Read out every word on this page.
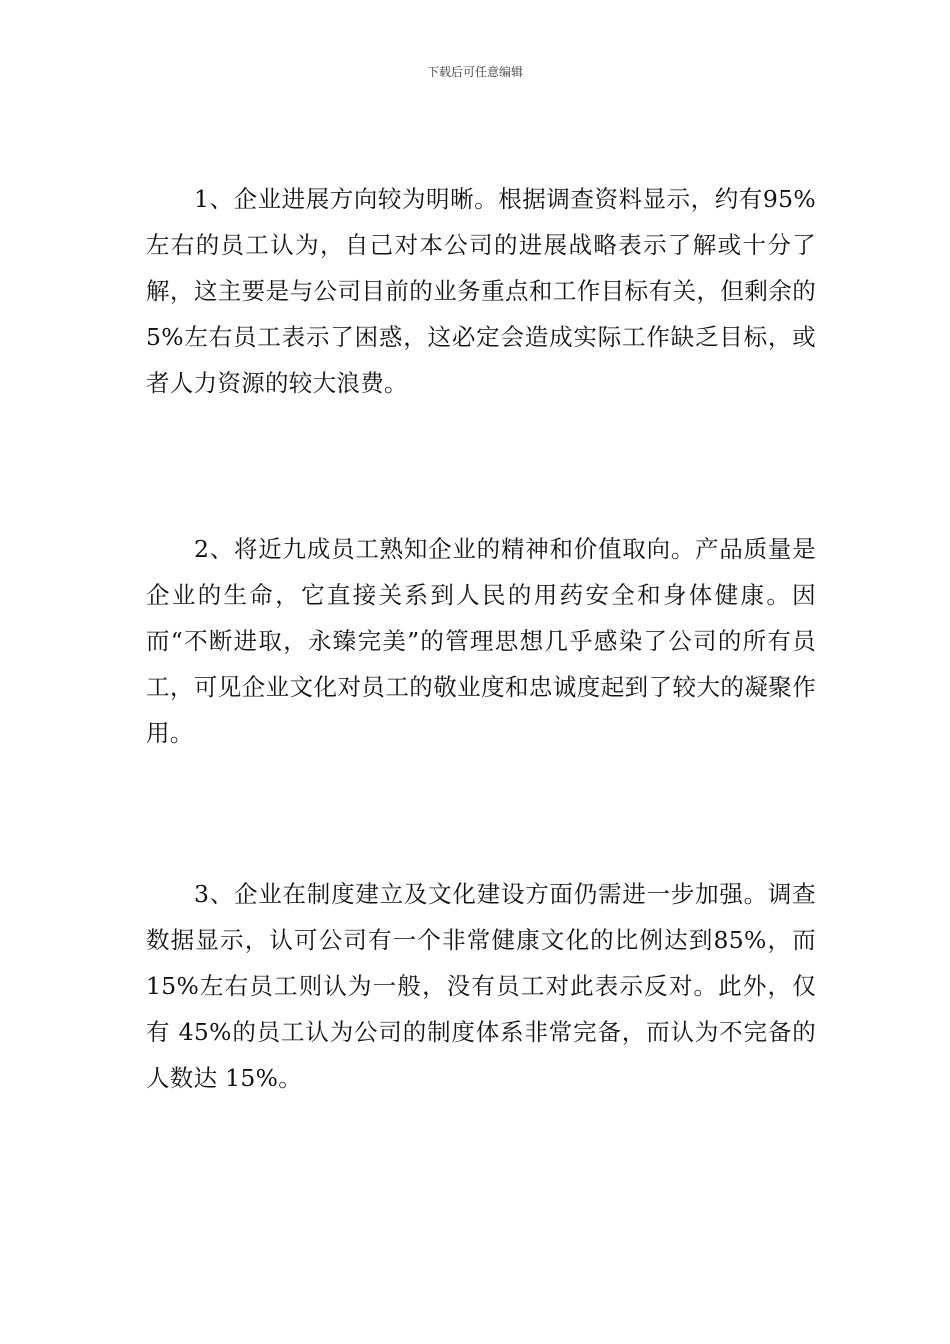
下载后可任意编辑

1、企业进展方向较为明晰。根据调查资料显示，约有95%左右的员工认为，自己对本公司的进展战略表示了解或十分了解，这主要是与公司目前的业务重点和工作目标有关，但剩余的 5%左右员工表示了困惑，这必定会造成实际工作缺乏目标，或者人力资源的较大浪费。

2、将近九成员工熟知企业的精神和价值取向。产品质量是企业的生命，它直接关系到人民的用药安全和身体健康。因而“不断进取，永臻完美”的管理思想几乎感染了公司的所有员工，可见企业文化对员工的敬业度和忠诚度起到了较大的凝聚作用。

3、企业在制度建立及文化建设方面仍需进一步加强。调查数据显示，认可公司有一个非常健康文化的比例达到85%，而 15%左右员工则认为一般，没有员工对此表示反对。此外，仅有 45%的员工认为公司的制度体系非常完备，而认为不完备的人数达 15%。
